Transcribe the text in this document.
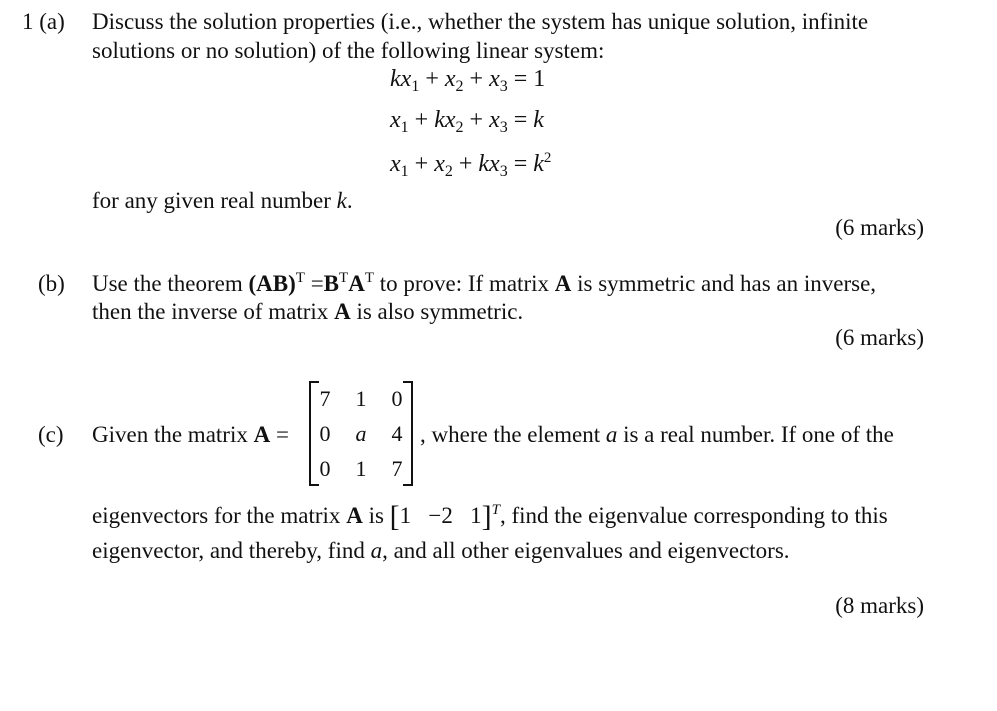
1 (a) Discuss the solution properties (i.e., whether the system has unique solution, infinite
solutions or no solution) of the following linear system:
$kx_1 + x_2 + x_3 = 1$
$x_1 + kx_2 + x_3 = k$
$x_1 + x_2 + kx_3 = k^2$
for any given real number k.
(6 marks)
(b) Use the theorem $(AB)^T =B^TA^T$ to prove: If matrix A is symmetric and has an inverse,
then the inverse of matrix A is also symmetric.
(6 marks)
(c) Given the matrix A =
7 1 0
0 a 4
0 1 7
, where the element a is a real number. If one of the
eigenvectors for the matrix A is [1 −2 1]$^T$, find the eigenvalue corresponding to this
eigenvector, and thereby, find a, and all other eigenvalues and eigenvectors.
(8 marks)
